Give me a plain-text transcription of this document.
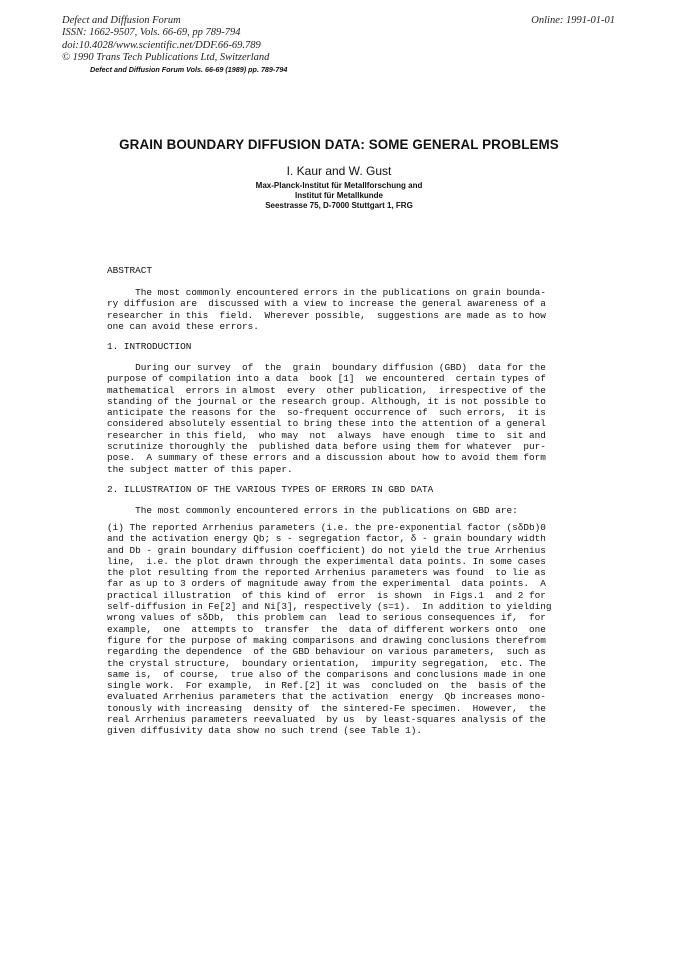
Defect and Diffusion Forum
ISSN: 1662-9507, Vols. 66-69, pp 789-794
doi:10.4028/www.scientific.net/DDF.66-69.789
© 1990 Trans Tech Publications Ltd, Switzerland
Online: 1991-01-01
Defect and Diffusion Forum Vols. 66-69 (1989) pp. 789-794
GRAIN BOUNDARY DIFFUSION DATA: SOME GENERAL PROBLEMS
I. Kaur and W. Gust
Max-Planck-Institut für Metallforschung and
Institut für Metallkunde
Seestrasse 75, D-7000 Stuttgart 1, FRG
ABSTRACT
The most commonly encountered errors in the publications on grain bounda-
ry diffusion are  discussed with a view to increase the general awareness of a
researcher in this  field.  Wherever possible,  suggestions are made as to how
one can avoid these errors.
1. INTRODUCTION
During our survey  of  the  grain  boundary diffusion (GBD)  data for the
purpose of compilation into a data  book [1]  we encountered  certain types of
mathematical  errors in almost  every  other publication,  irrespective of the
standing of the journal or the research group. Although, it is not possible to
anticipate the reasons for the  so-frequent occurrence of  such errors,  it is
considered absolutely essential to bring these into the attention of a general
researcher in this field,  who may  not  always  have enough  time to  sit and
scrutinize thoroughly the  published data before using them for whatever  pur-
pose.  A summary of these errors and a discussion about how to avoid them form
the subject matter of this paper.
2. ILLUSTRATION OF THE VARIOUS TYPES OF ERRORS IN GBD DATA
The most commonly encountered errors in the publications on GBD are:
(i) The reported Arrhenius parameters (i.e. the pre-exponential factor (sδDb)0
and the activation energy Qb; s - segregation factor, δ - grain boundary width
and Db - grain boundary diffusion coefficient) do not yield the true Arrhenius
line,  i.e. the plot drawn through the experimental data points. In some cases
the plot resulting from the reported Arrhenius parameters was found  to lie as
far as up to 3 orders of magnitude away from the experimental  data points.  A
practical illustration  of this kind of  error  is shown  in Figs.1  and 2 for
self-diffusion in Fe[2] and Ni[3], respectively (s=1).  In addition to yielding
wrong values of sδDb,  this problem can  lead to serious consequences if,  for
example,  one  attempts to  transfer  the  data of different workers onto  one
figure for the purpose of making comparisons and drawing conclusions therefrom
regarding the dependence  of the GBD behaviour on various parameters,  such as
the crystal structure,  boundary orientation,  impurity segregation,  etc. The
same is,  of course,  true also of the comparisons and conclusions made in one
single work.  For example,  in Ref.[2] it was  concluded on  the  basis of the
evaluated Arrhenius parameters that the activation  energy  Qb increases mono-
tonously with increasing  density of  the sintered-Fe specimen.  However,  the
real Arrhenius parameters reevaluated  by us  by least-squares analysis of the
given diffusivity data show no such trend (see Table 1).
